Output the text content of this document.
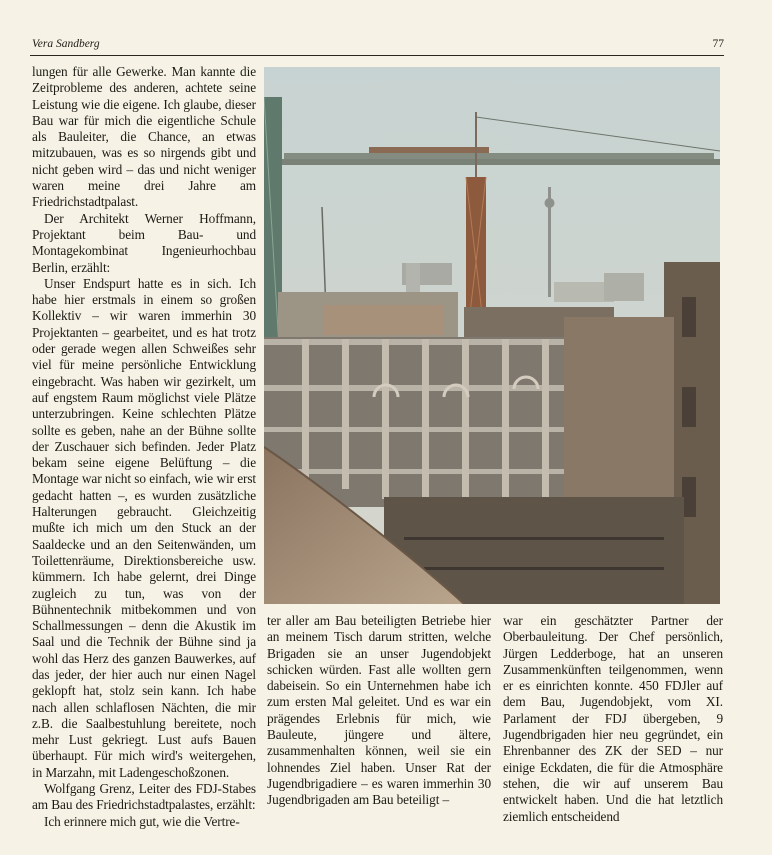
Vera Sandberg	77

lungen für alle Gewerke. Man kannte die Zeitprobleme des anderen, achtete seine Leistung wie die eigene. Ich glaube, dieser Bau war für mich die eigentliche Schule als Bauleiter, die Chance, an etwas mitzubauen, was es so nirgends gibt und nicht geben wird – das und nicht weniger waren meine drei Jahre am Friedrichstadtpalast.

Der Architekt Werner Hoffmann, Projektant beim Bau- und Montagekombinat Ingenieurhochbau Berlin, erzählt:

Unser Endspurt hatte es in sich. Ich habe hier erstmals in einem so großen Kollektiv – wir waren immerhin 30 Projektanten – gearbeitet, und es hat trotz oder gerade wegen allen Schweißes sehr viel für meine persönliche Entwicklung eingebracht. Was haben wir gezirkelt, um auf engstem Raum möglichst viele Plätze unterzubringen. Keine schlechten Plätze sollte es geben, nahe an der Bühne sollte der Zuschauer sich befinden. Jeder Platz bekam seine eigene Belüftung – die Montage war nicht so einfach, wie wir erst gedacht hatten –, es wurden zusätzliche Halterungen gebraucht. Gleichzeitig mußte ich mich um den Stuck an der Saaldecke und an den Seitenwänden, um Toilettenräume, Direktionsbereiche usw. kümmern. Ich habe gelernt, drei Dinge zugleich zu tun, was von der Bühnentechnik mitbekommen und von Schallmessungen – denn die Akustik im Saal und die Technik der Bühne sind ja wohl das Herz des ganzen Bauwerkes, auf das jeder, der hier auch nur einen Nagel geklopft hat, stolz sein kann. Ich habe nach allen schlaflosen Nächten, die mir z.B. die Saalbestuhlung bereitete, noch mehr Lust gekriegt. Lust aufs Bauen überhaupt. Für mich wird's weitergehen, in Marzahn, mit Ladengeschoßzonen.

Wolfgang Grenz, Leiter des FDJ-Stabes am Bau des Friedrichstadtpalastes, erzählt:

Ich erinnere mich gut, wie die Vertre-

ter aller am Bau beteiligten Betriebe hier an meinem Tisch darum stritten, welche Brigaden sie an unser Jugendobjekt schicken würden. Fast alle wollten gern dabeisein. So ein Unternehmen habe ich zum ersten Mal geleitet. Und es war ein prägendes Erlebnis für mich, wie Bauleute, jüngere und ältere, zusammenhalten können, weil sie ein lohnendes Ziel haben. Unser Rat der Jugendbrigadiere – es waren immerhin 30 Jugendbrigaden am Bau beteiligt –

war ein geschätzter Partner der Oberbauleitung. Der Chef persönlich, Jürgen Ledderboge, hat an unseren Zusammenkünften teilgenommen, wenn er es einrichten konnte. 450 FDJler auf dem Bau, Jugendobjekt, vom XI. Parlament der FDJ übergeben, 9 Jugendbrigaden hier neu gegründet, ein Ehrenbanner des ZK der SED – nur einige Eckdaten, die für die Atmosphäre stehen, die wir auf unserem Bau entwickelt haben. Und die hat letztlich ziemlich entscheidend
